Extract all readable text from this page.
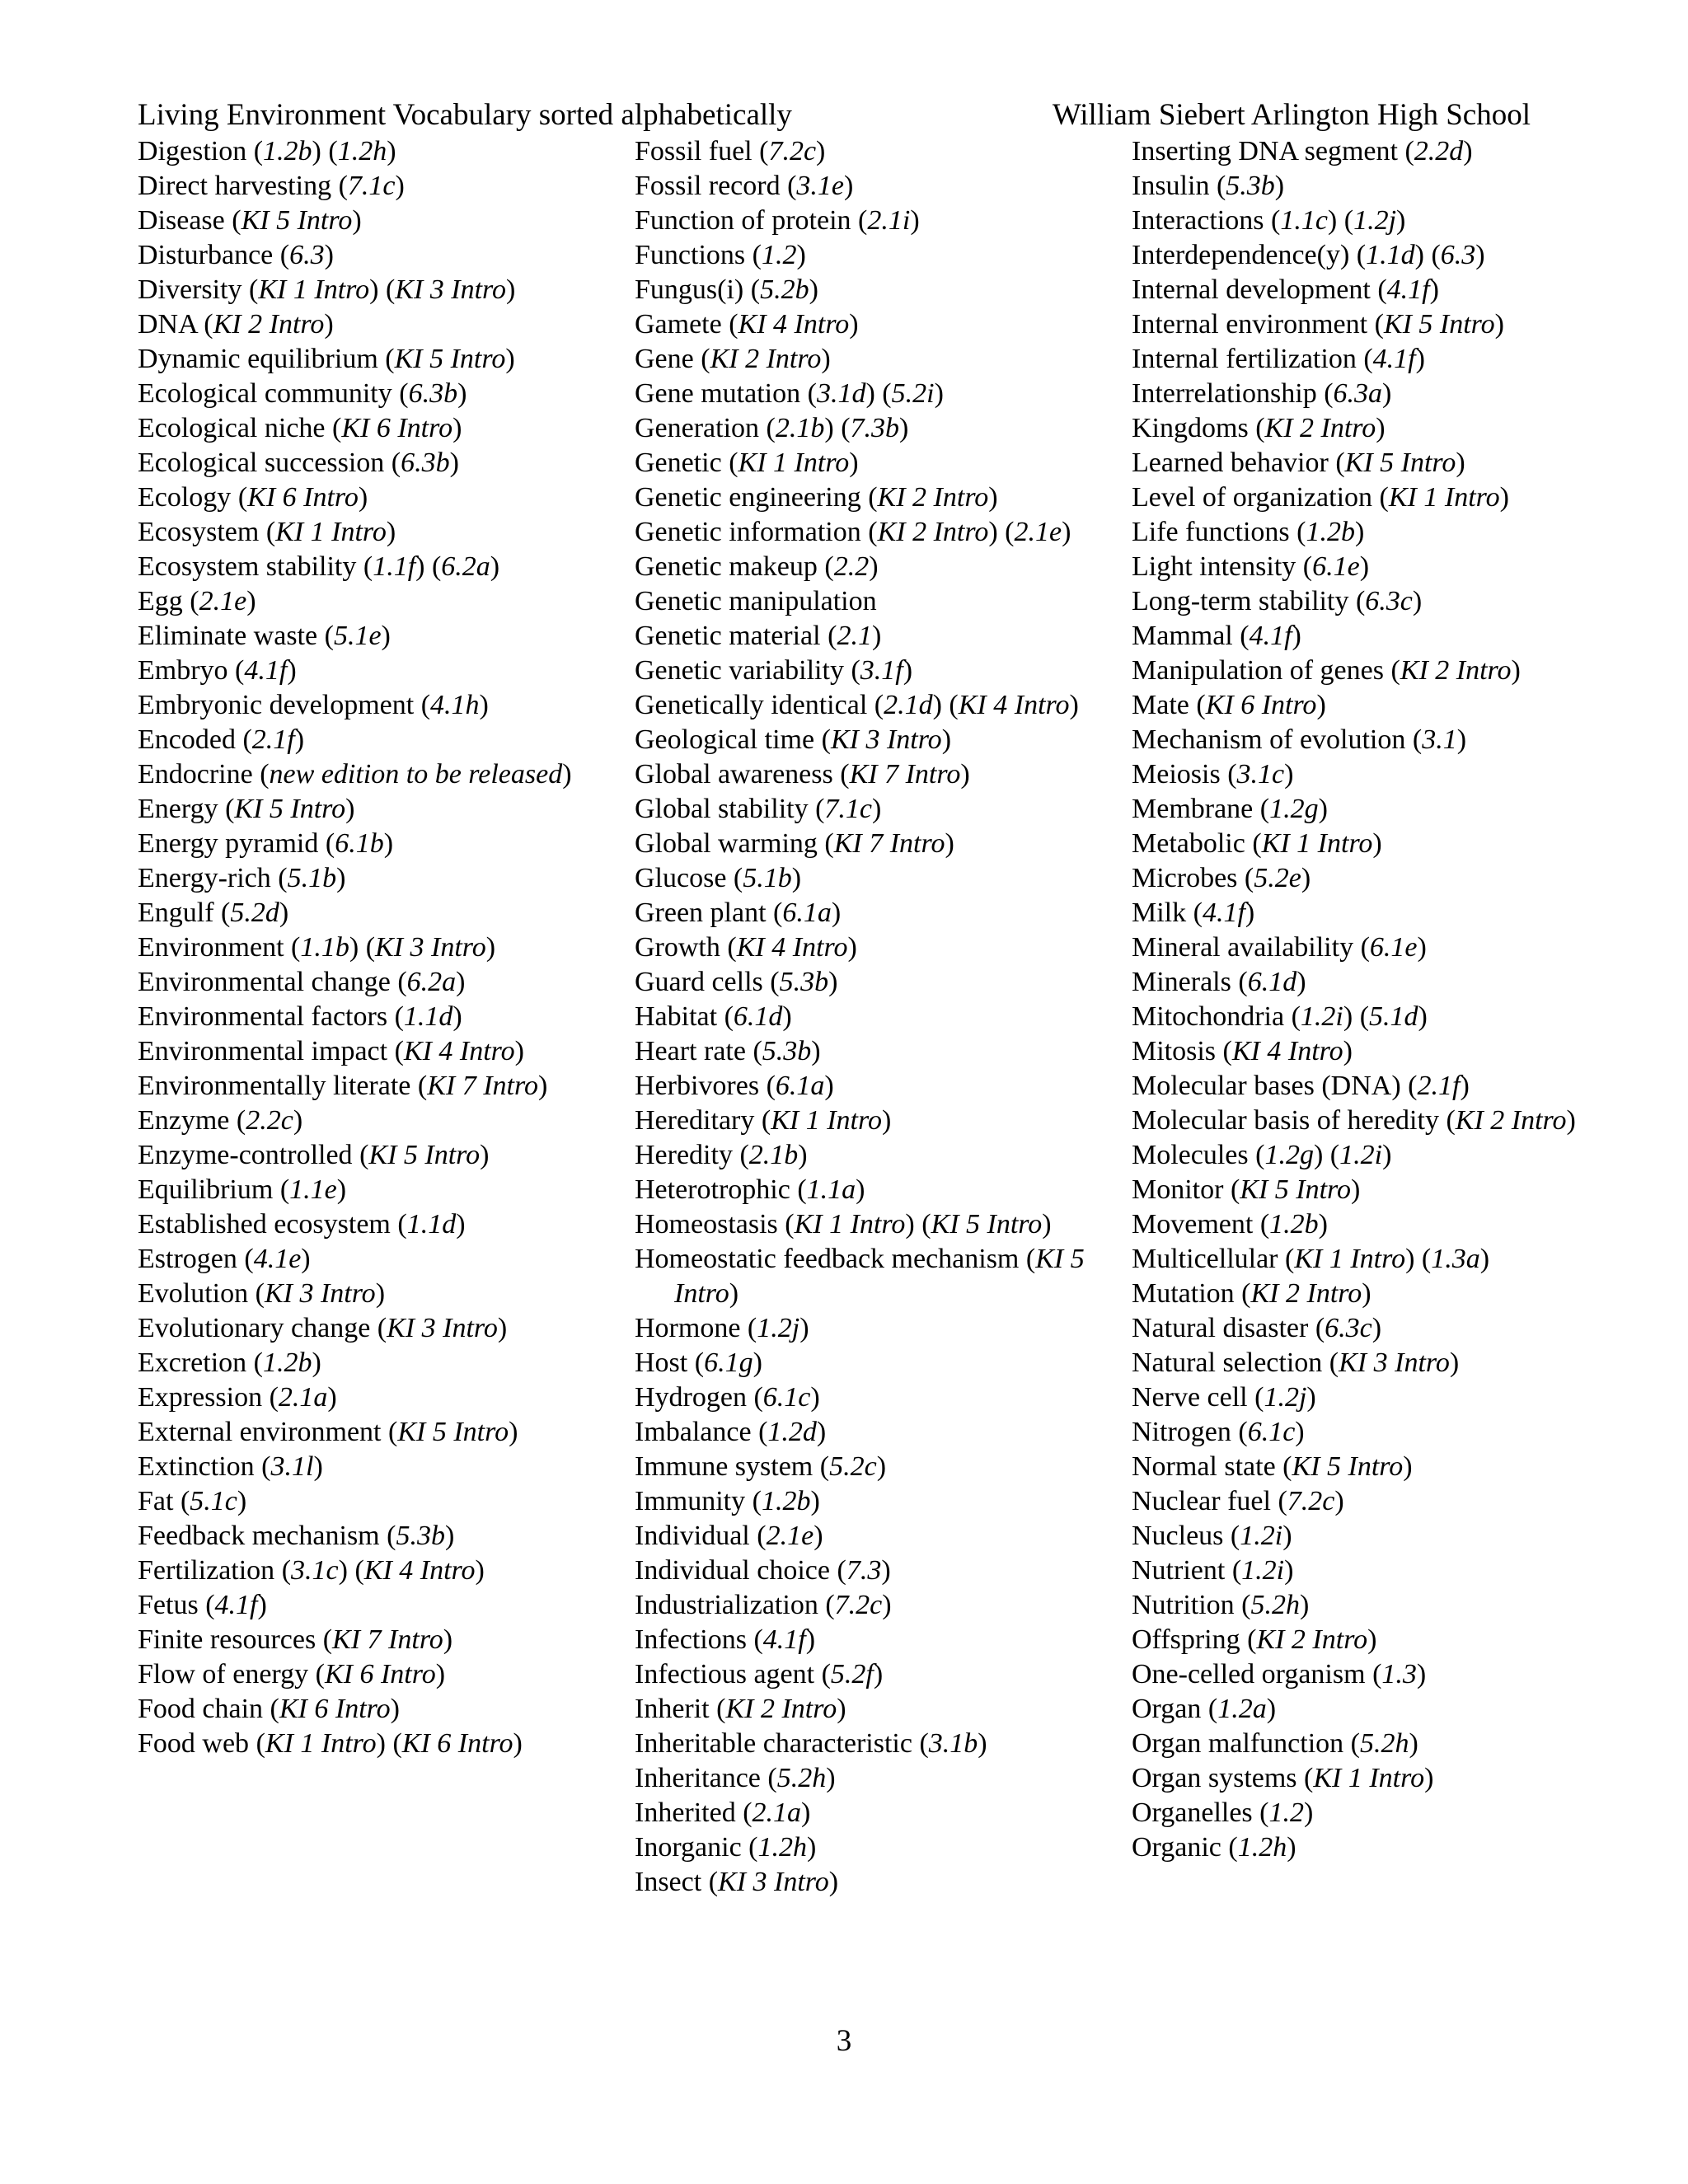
Living Environment Vocabulary sorted alphabetically	William Siebert Arlington High School
Digestion (1.2b) (1.2h)
Direct harvesting (7.1c)
Disease (KI 5 Intro)
Disturbance (6.3)
Diversity (KI 1 Intro) (KI 3 Intro)
DNA (KI 2 Intro)
Dynamic equilibrium (KI 5 Intro)
Ecological community (6.3b)
Ecological niche (KI 6 Intro)
Ecological succession (6.3b)
Ecology (KI 6 Intro)
Ecosystem (KI 1 Intro)
Ecosystem stability (1.1f) (6.2a)
Egg (2.1e)
Eliminate waste (5.1e)
Embryo (4.1f)
Embryonic development (4.1h)
Encoded (2.1f)
Endocrine (new edition to be released)
Energy (KI 5 Intro)
Energy pyramid (6.1b)
Energy-rich (5.1b)
Engulf (5.2d)
Environment (1.1b) (KI 3 Intro)
Environmental change (6.2a)
Environmental factors (1.1d)
Environmental impact (KI 4 Intro)
Environmentally literate (KI 7 Intro)
Enzyme (2.2c)
Enzyme-controlled (KI 5 Intro)
Equilibrium (1.1e)
Established ecosystem (1.1d)
Estrogen (4.1e)
Evolution (KI 3 Intro)
Evolutionary change (KI 3 Intro)
Excretion (1.2b)
Expression (2.1a)
External environment (KI 5 Intro)
Extinction (3.1l)
Fat (5.1c)
Feedback mechanism (5.3b)
Fertilization (3.1c) (KI 4 Intro)
Fetus (4.1f)
Finite resources (KI 7 Intro)
Flow of energy (KI 6 Intro)
Food chain (KI 6 Intro)
Food web (KI 1 Intro) (KI 6 Intro)
Fossil fuel (7.2c)
Fossil record (3.1e)
Function of protein (2.1i)
Functions (1.2)
Fungus(i) (5.2b)
Gamete (KI 4 Intro)
Gene (KI 2 Intro)
Gene mutation (3.1d) (5.2i)
Generation (2.1b) (7.3b)
Genetic (KI 1 Intro)
Genetic engineering (KI 2 Intro)
Genetic information (KI 2 Intro) (2.1e)
Genetic makeup (2.2)
Genetic manipulation
Genetic material (2.1)
Genetic variability (3.1f)
Genetically identical (2.1d) (KI 4 Intro)
Geological time (KI 3 Intro)
Global awareness (KI 7 Intro)
Global stability (7.1c)
Global warming (KI 7 Intro)
Glucose (5.1b)
Green plant (6.1a)
Growth (KI 4 Intro)
Guard cells (5.3b)
Habitat (6.1d)
Heart rate (5.3b)
Herbivores (6.1a)
Hereditary (KI 1 Intro)
Heredity (2.1b)
Heterotrophic (1.1a)
Homeostasis (KI 1 Intro) (KI 5 Intro)
Homeostatic feedback mechanism (KI 5 Intro)
Hormone (1.2j)
Host (6.1g)
Hydrogen (6.1c)
Imbalance (1.2d)
Immune system (5.2c)
Immunity (1.2b)
Individual (2.1e)
Individual choice (7.3)
Industrialization (7.2c)
Infections (4.1f)
Infectious agent (5.2f)
Inherit (KI 2 Intro)
Inheritable characteristic (3.1b)
Inheritance (5.2h)
Inherited (2.1a)
Inorganic (1.2h)
Insect (KI 3 Intro)
Inserting DNA segment (2.2d)
Insulin (5.3b)
Interactions (1.1c) (1.2j)
Interdependence(y) (1.1d) (6.3)
Internal development (4.1f)
Internal environment (KI 5 Intro)
Internal fertilization (4.1f)
Interrelationship (6.3a)
Kingdoms (KI 2 Intro)
Learned behavior (KI 5 Intro)
Level of organization (KI 1 Intro)
Life functions (1.2b)
Light intensity (6.1e)
Long-term stability (6.3c)
Mammal (4.1f)
Manipulation of genes (KI 2 Intro)
Mate (KI 6 Intro)
Mechanism of evolution (3.1)
Meiosis (3.1c)
Membrane (1.2g)
Metabolic (KI 1 Intro)
Microbes (5.2e)
Milk (4.1f)
Mineral availability (6.1e)
Minerals (6.1d)
Mitochondria (1.2i) (5.1d)
Mitosis (KI 4 Intro)
Molecular bases (DNA) (2.1f)
Molecular basis of heredity (KI 2 Intro)
Molecules (1.2g) (1.2i)
Monitor (KI 5 Intro)
Movement (1.2b)
Multicellular (KI 1 Intro) (1.3a)
Mutation (KI 2 Intro)
Natural disaster (6.3c)
Natural selection (KI 3 Intro)
Nerve cell (1.2j)
Nitrogen (6.1c)
Normal state (KI 5 Intro)
Nuclear fuel (7.2c)
Nucleus (1.2i)
Nutrient (1.2i)
Nutrition (5.2h)
Offspring (KI 2 Intro)
One-celled organism (1.3)
Organ (1.2a)
Organ malfunction (5.2h)
Organ systems (KI 1 Intro)
Organelles (1.2)
Organic (1.2h)
3
